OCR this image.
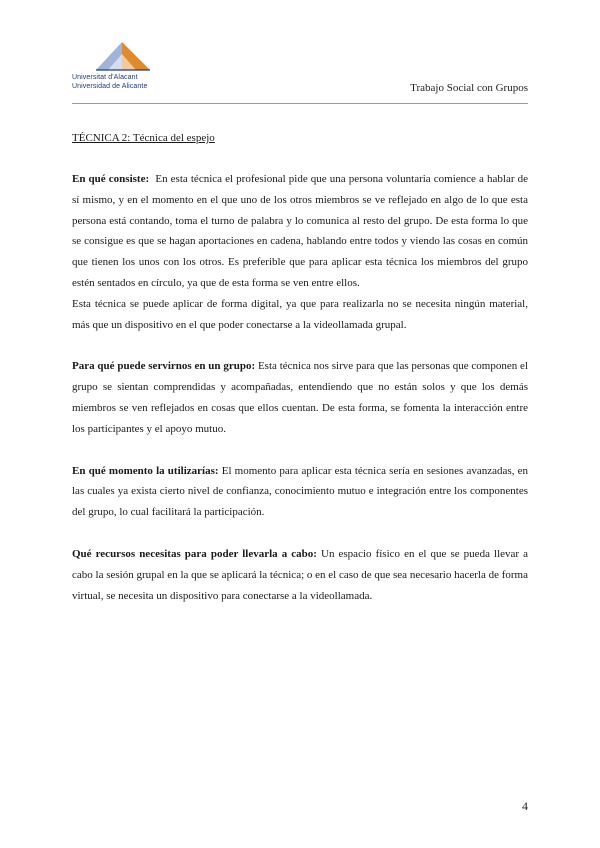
Universitat d'Alacant
Universidad de Alicante	Trabajo Social con Grupos
TÉCNICA 2: Técnica del espejo

En qué consiste: En esta técnica el profesional pide que una persona voluntaria comience a hablar de sí mismo, y en el momento en el que uno de los otros miembros se ve reflejado en algo de lo que esta persona está contando, toma el turno de palabra y lo comunica al resto del grupo. De esta forma lo que se consigue es que se hagan aportaciones en cadena, hablando entre todos y viendo las cosas en común que tienen los unos con los otros. Es preferible que para aplicar esta técnica los miembros del grupo estén sentados en círculo, ya que de esta forma se ven entre ellos.

Esta técnica se puede aplicar de forma digital, ya que para realizarla no se necesita ningún material, más que un dispositivo en el que poder conectarse a la videollamada grupal.

Para qué puede servirnos en un grupo: Esta técnica nos sirve para que las personas que componen el grupo se sientan comprendidas y acompañadas, entendiendo que no están solos y que los demás miembros se ven reflejados en cosas que ellos cuentan. De esta forma, se fomenta la interacción entre los participantes y el apoyo mutuo.

En qué momento la utilizarías: El momento para aplicar esta técnica sería en sesiones avanzadas, en las cuales ya exista cierto nivel de confianza, conocimiento mutuo e integración entre los componentes del grupo, lo cual facilitará la participación.

Qué recursos necesitas para poder llevarla a cabo: Un espacio físico en el que se pueda llevar a cabo la sesión grupal en la que se aplicará la técnica; o en el caso de que sea necesario hacerla de forma virtual, se necesita un dispositivo para conectarse a la videollamada.

4
